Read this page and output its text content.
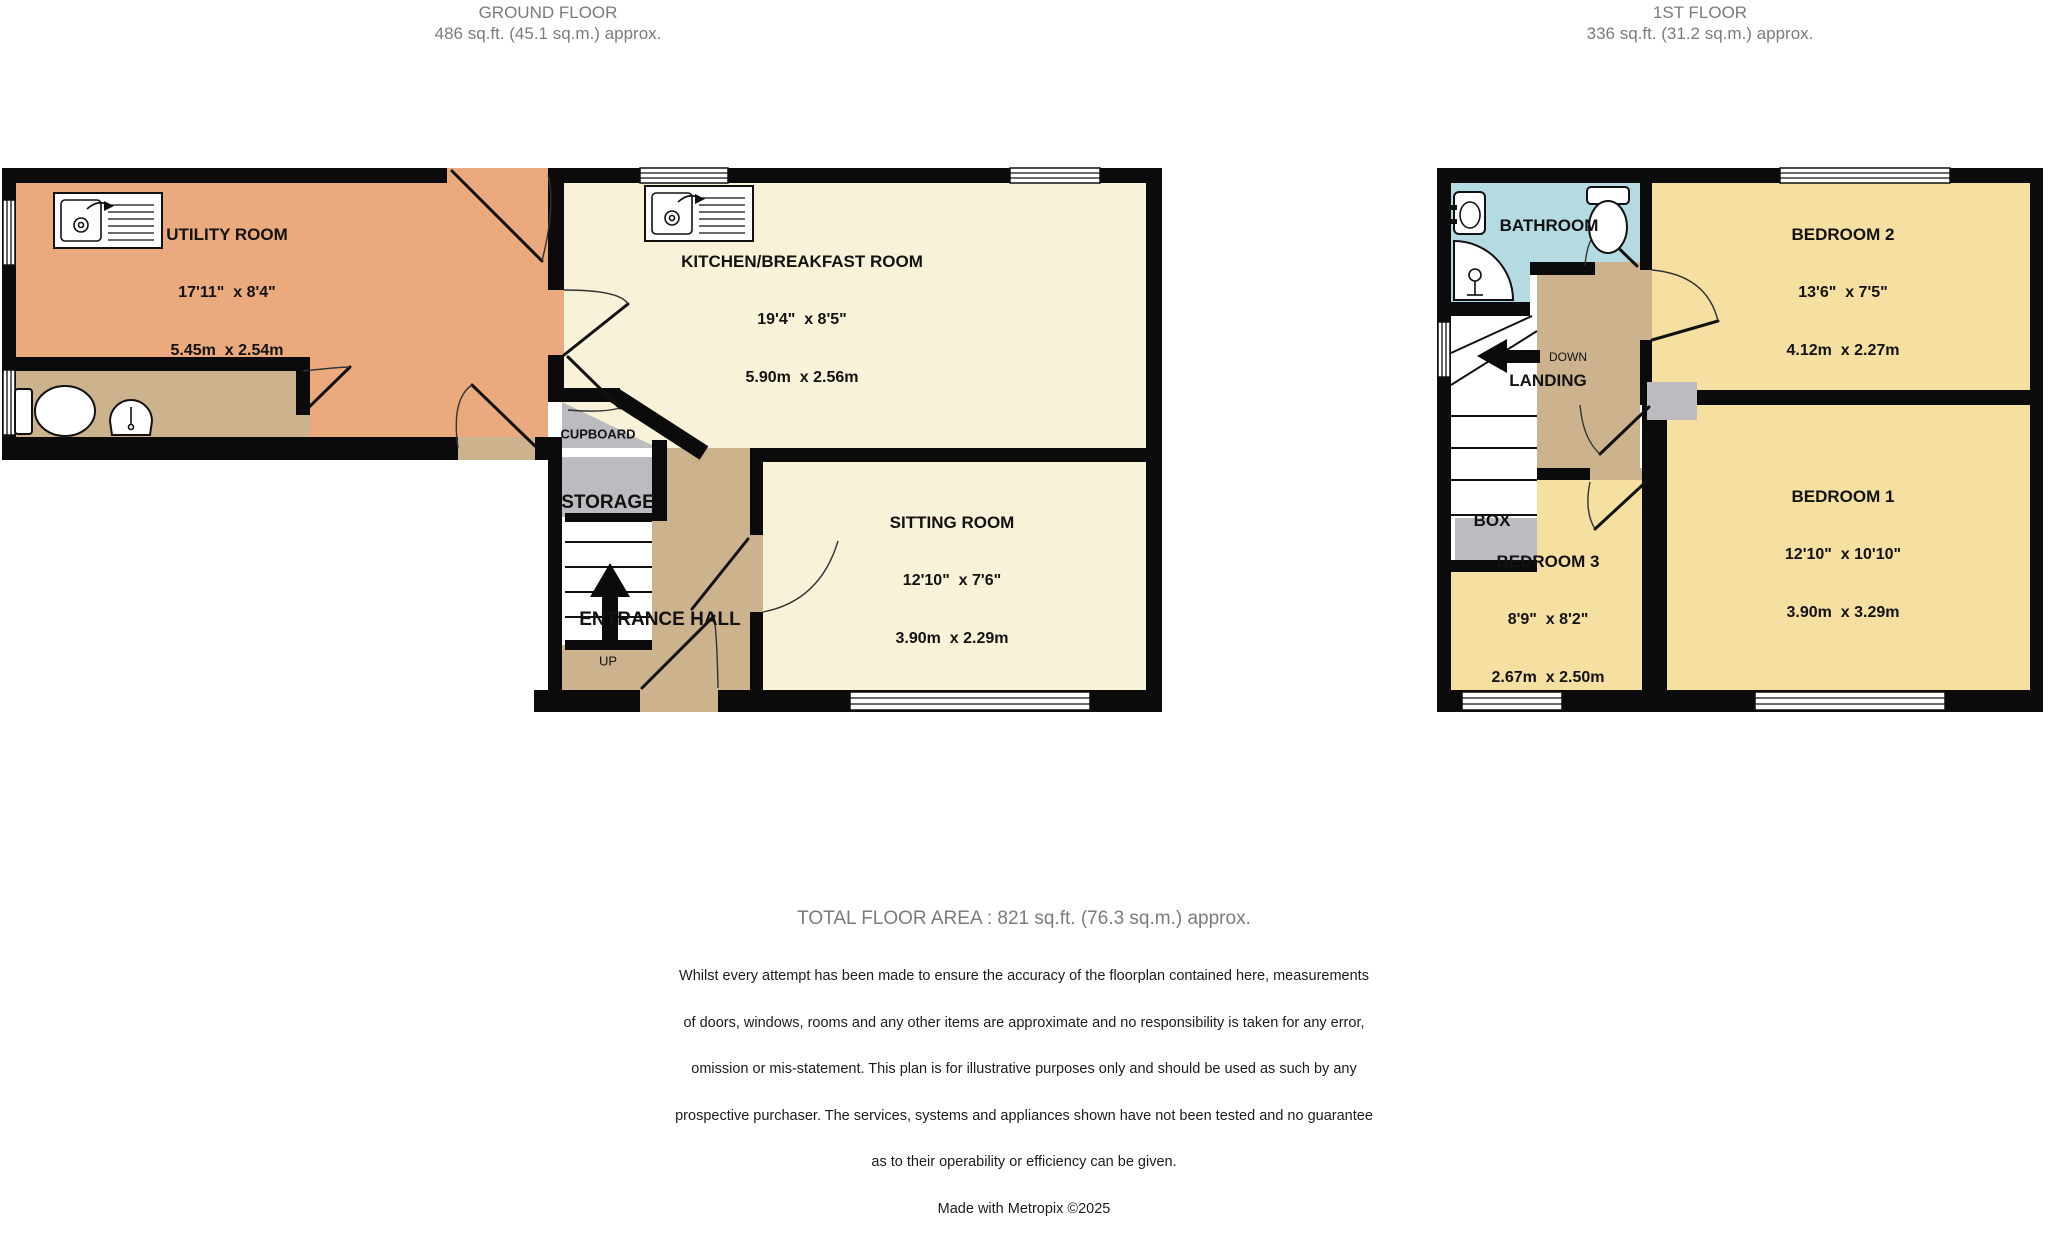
GROUND FLOOR
486 sq.ft. (45.1 sq.m.) approx.
1ST FLOOR
336 sq.ft. (31.2 sq.m.) approx.

UTILITY ROOM

17'11"  x 8'4"

5.45m  x 2.54m

KITCHEN/BREAKFAST ROOM

19'4"  x 8'5"

5.90m  x 2.56m

SITTING ROOM

12'10"  x 7'6"

3.90m  x 2.29m

CUPBOARD
STORAGE
ENTRANCE HALL
UP
BATHROOM

	BEDROOM 2

13'6"  x 7'5"

4.12m  x 2.27m

BEDROOM 1

12'10"  x 10'10"

3.90m  x 3.29m

BEDROOM 3

8'9"  x 8'2"

2.67m  x 2.50m

LANDING
DOWN
BOX
TOTAL FLOOR AREA : 821 sq.ft. (76.3 sq.m.) approx.

Whilst every attempt has been made to ensure the accuracy of the floorplan contained here, measurements

of doors, windows, rooms and any other items are approximate and no responsibility is taken for any error,

omission or mis-statement. This plan is for illustrative purposes only and should be used as such by any

prospective purchaser. The services, systems and appliances shown have not been tested and no guarantee

as to their operability or efficiency can be given.

Made with Metropix ©2025
